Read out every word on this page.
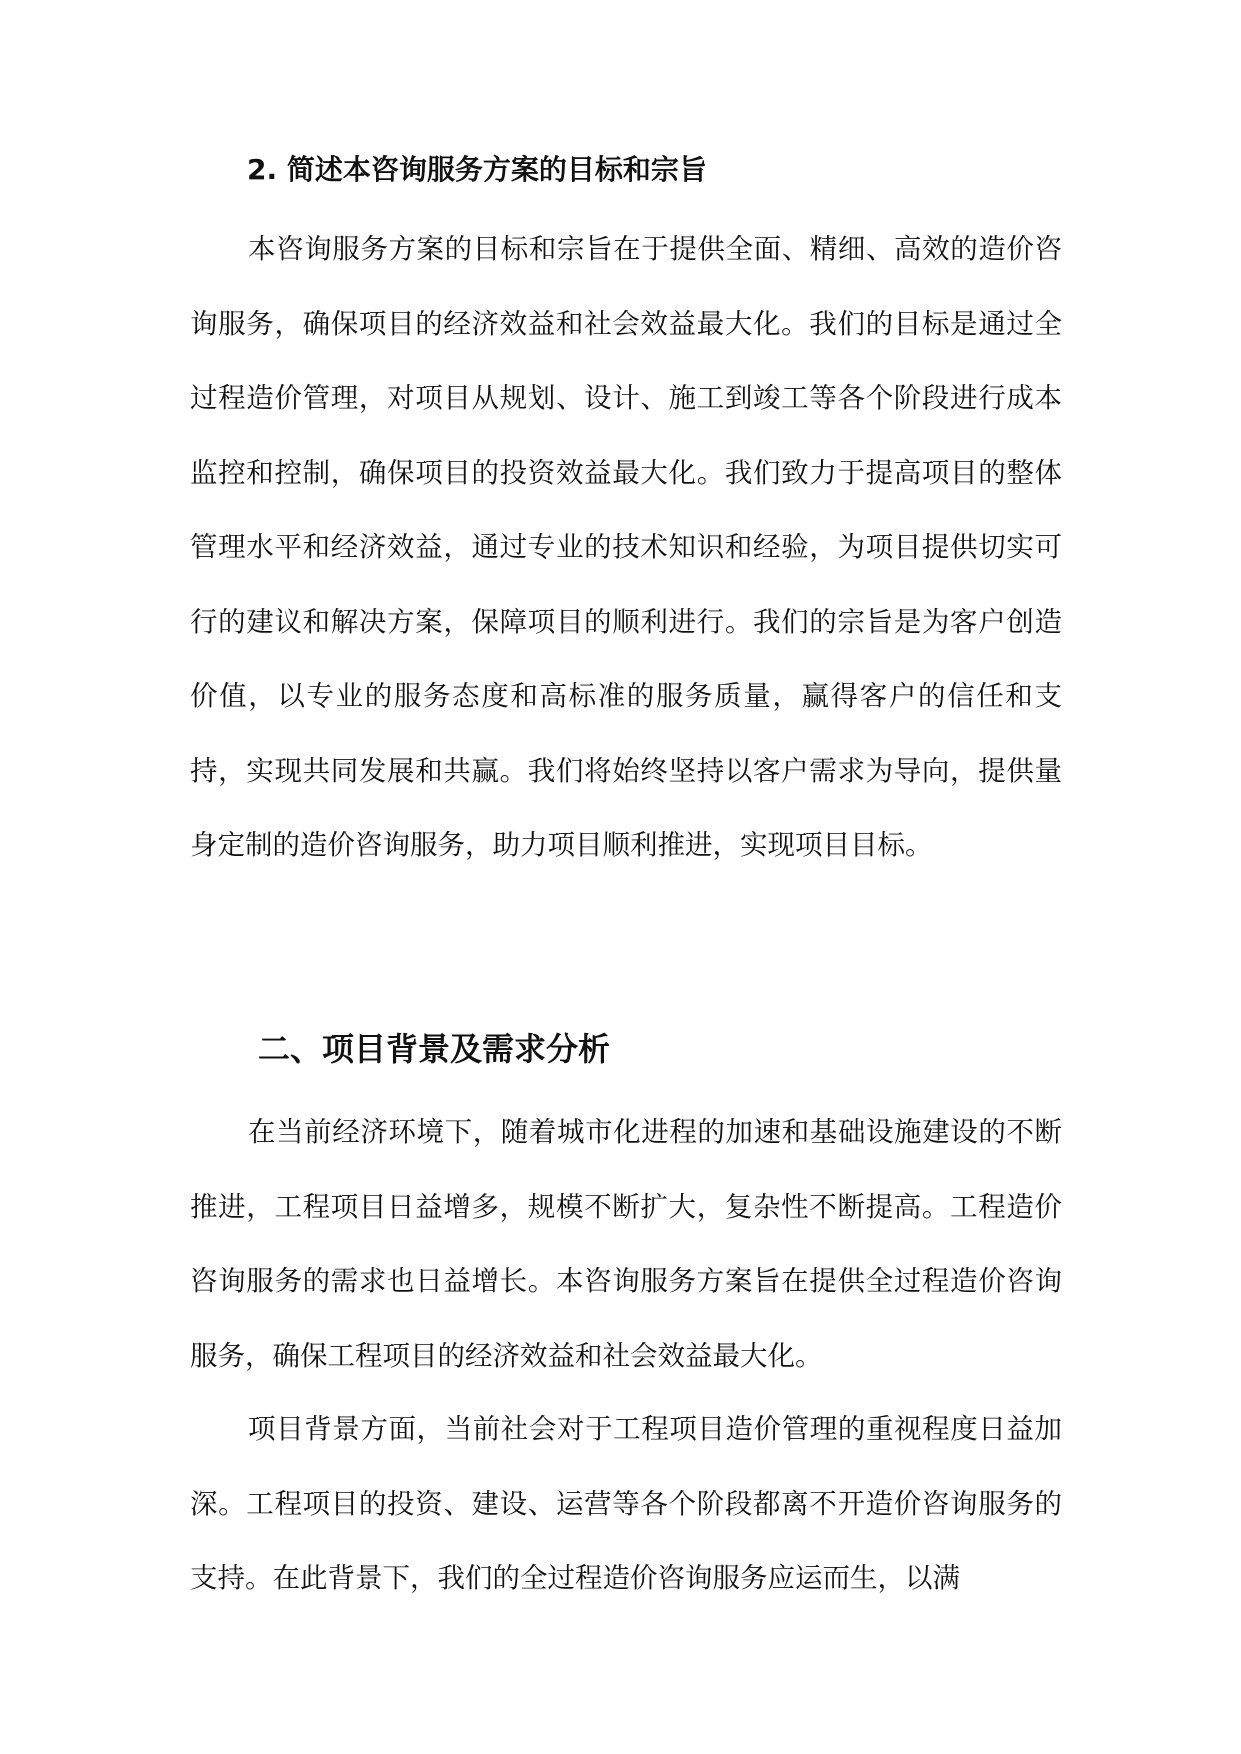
2. 简述本咨询服务方案的目标和宗旨

本咨询服务方案的目标和宗旨在于提供全面、精细、高效的造价咨询服务，确保项目的经济效益和社会效益最大化。我们的目标是通过全过程造价管理，对项目从规划、设计、施工到竣工等各个阶段进行成本监控和控制，确保项目的投资效益最大化。我们致力于提高项目的整体管理水平和经济效益，通过专业的技术知识和经验，为项目提供切实可行的建议和解决方案，保障项目的顺利进行。我们的宗旨是为客户创造价值，以专业的服务态度和高标准的服务质量，赢得客户的信任和支持，实现共同发展和共赢。我们将始终坚持以客户需求为导向，提供量身定制的造价咨询服务，助力项目顺利推进，实现项目目标。

二、项目背景及需求分析

在当前经济环境下，随着城市化进程的加速和基础设施建设的不断推进，工程项目日益增多，规模不断扩大，复杂性不断提高。工程造价咨询服务的需求也日益增长。本咨询服务方案旨在提供全过程造价咨询服务，确保工程项目的经济效益和社会效益最大化。

项目背景方面，当前社会对于工程项目造价管理的重视程度日益加深。工程项目的投资、建设、运营等各个阶段都离不开造价咨询服务的支持。在此背景下，我们的全过程造价咨询服务应运而生，以满
